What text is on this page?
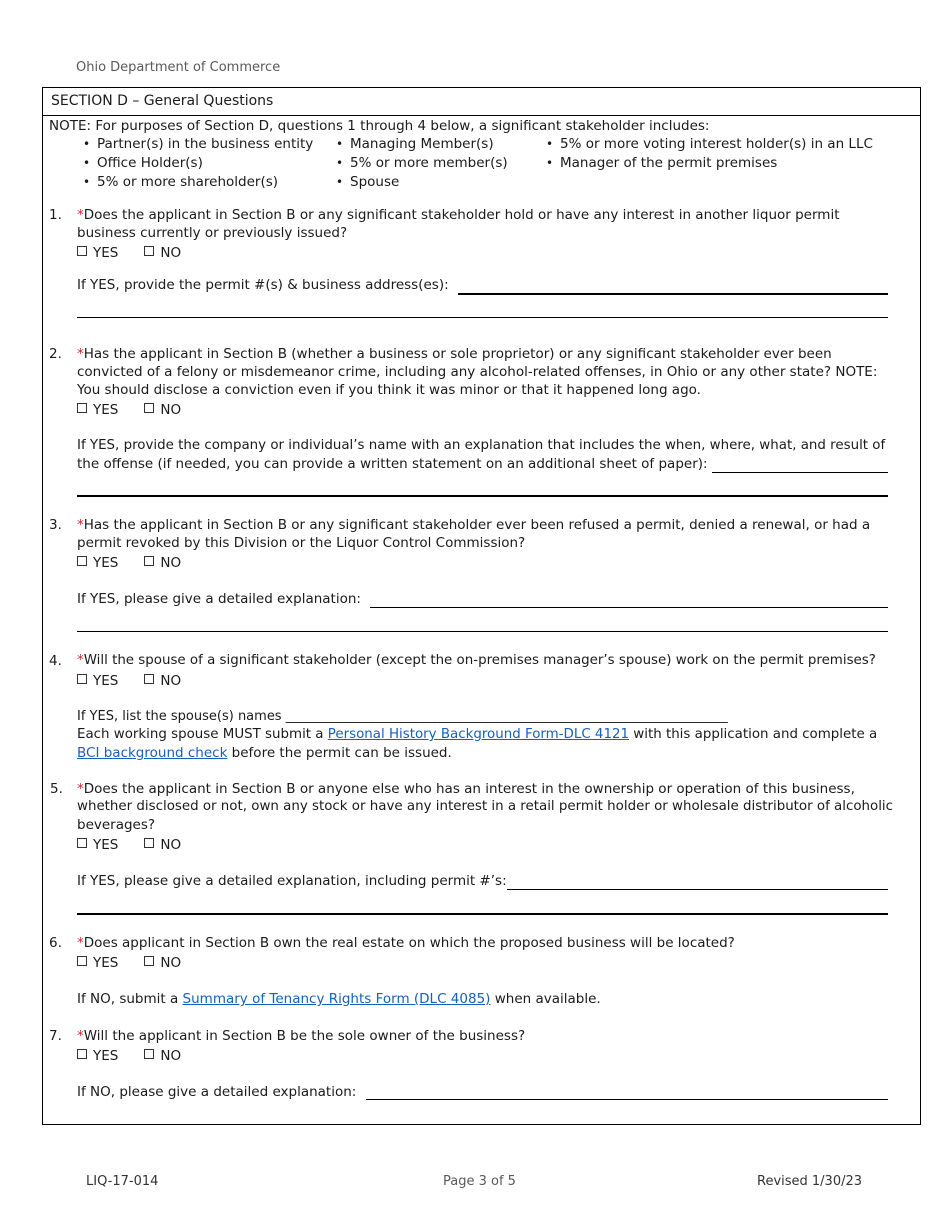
Ohio Department of Commerce
SECTION D – General Questions
NOTE: For purposes of Section D, questions 1 through 4 below, a significant stakeholder includes:
• Partner(s) in the business entity	• Managing Member(s)	• 5% or more voting interest holder(s) in an LLC
• Office Holder(s)	• 5% or more member(s)	• Manager of the permit premises
• 5% or more shareholder(s)	• Spouse
1. *Does the applicant in Section B or any significant stakeholder hold or have any interest in another liquor permit
business currently or previously issued?
YES	NO
If YES, provide the permit #(s) & business address(es):
2. *Has the applicant in Section B (whether a business or sole proprietor) or any significant stakeholder ever been
convicted of a felony or misdemeanor crime, including any alcohol-related offenses, in Ohio or any other state? NOTE:
You should disclose a conviction even if you think it was minor or that it happened long ago.
YES	NO
If YES, provide the company or individual’s name with an explanation that includes the when, where, what, and result of
the offense (if needed, you can provide a written statement on an additional sheet of paper):
3. *Has the applicant in Section B or any significant stakeholder ever been refused a permit, denied a renewal, or had a
permit revoked by this Division or the Liquor Control Commission?
YES	NO
If YES, please give a detailed explanation:
4. *Will the spouse of a significant stakeholder (except the on-premises manager’s spouse) work on the permit premises?
YES	NO
If YES, list the spouse(s) names ____________________________________________________________________
Each working spouse MUST submit a Personal History Background Form-DLC 4121 with this application and complete a
BCI background check before the permit can be issued.
5. *Does the applicant in Section B or anyone else who has an interest in the ownership or operation of this business,
whether disclosed or not, own any stock or have any interest in a retail permit holder or wholesale distributor of alcoholic
beverages?
YES	NO
If YES, please give a detailed explanation, including permit #’s:
6. *Does applicant in Section B own the real estate on which the proposed business will be located?
YES	NO
If NO, submit a Summary of Tenancy Rights Form (DLC 4085) when available.
7. *Will the applicant in Section B be the sole owner of the business?
YES	NO
If NO, please give a detailed explanation:
LIQ-17-014	Page 3 of 5	Revised 1/30/23
